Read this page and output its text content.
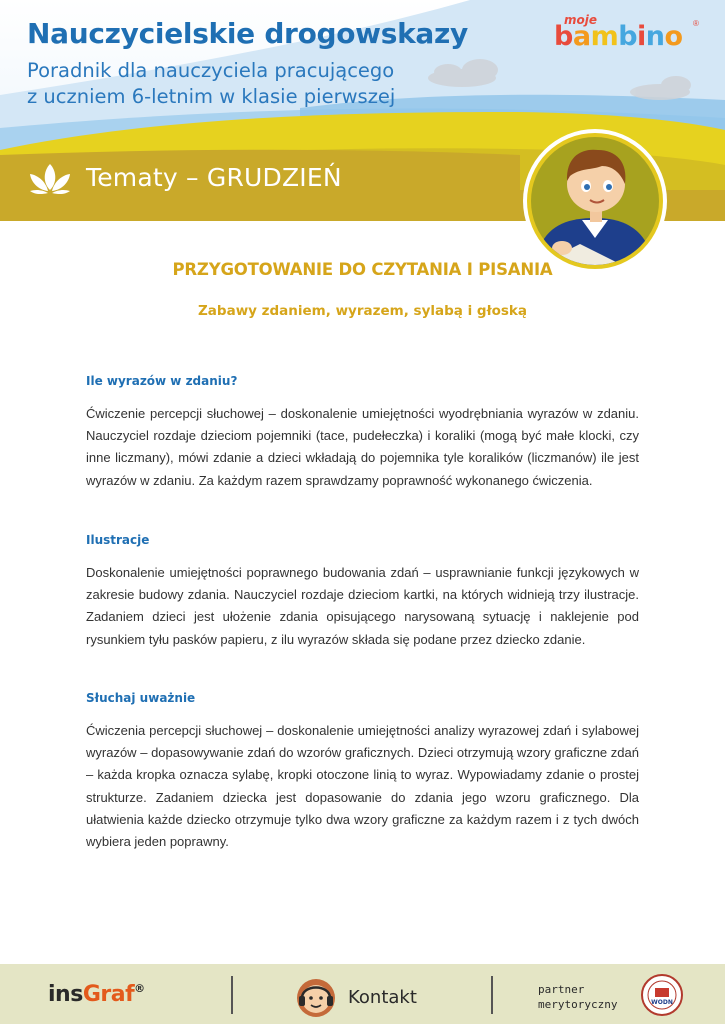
Nauczycielskie drogowskazy
Poradnik dla nauczyciela pracującego
z uczniem 6-letnim w klasie pierwszej
moje
bambino ®
Tematy – GRUDZIEŃ
PRZYGOTOWANIE DO CZYTANIA I PISANIA
Zabawy zdaniem, wyrazem, sylabą i głoską
Ile wyrazów w zdaniu?

Ćwiczenie percepcji słuchowej – doskonalenie umiejętności wyodrębniania wyrazów w zdaniu. Nauczyciel rozdaje dzieciom pojemniki (tace, pudełeczka) i koraliki (mogą być małe klocki, czy inne liczmany), mówi zdanie a dzieci wkładają do pojemnika tyle koralików (liczmanów) ile jest wyrazów w zdaniu. Za każdym razem sprawdzamy poprawność wykonanego ćwiczenia.

Ilustracje

Doskonalenie umiejętności poprawnego budowania zdań – usprawnianie funkcji językowych w zakresie budowy zdania. Nauczyciel rozdaje dzieciom kartki, na których widnieją trzy ilustracje. Zadaniem dzieci jest ułożenie zdania opisującego narysowaną sytuację i naklejenie pod rysunkiem tyłu pasków papieru, z ilu wyrazów składa się podane przez dziecko zdanie.

Słuchaj uważnie

Ćwiczenia percepcji słuchowej – doskonalenie umiejętności analizy wyrazowej zdań i sylabowej wyrazów – dopasowywanie zdań do wzorów graficznych. Dzieci otrzymują wzory graficzne zdań – każda kropka oznacza sylabę, kropki otoczone linią to wyraz. Wypowiadamy zdanie o prostej strukturze. Zadaniem dziecka jest dopasowanie do zdania jego wzoru graficznego. Dla ułatwienia każde dziecko otrzymuje tylko dwa wzory graficzne za każdym razem i z tych dwóch wybiera jeden poprawny.

insGraf®	Kontakt	partner
merytoryczny	WODN
